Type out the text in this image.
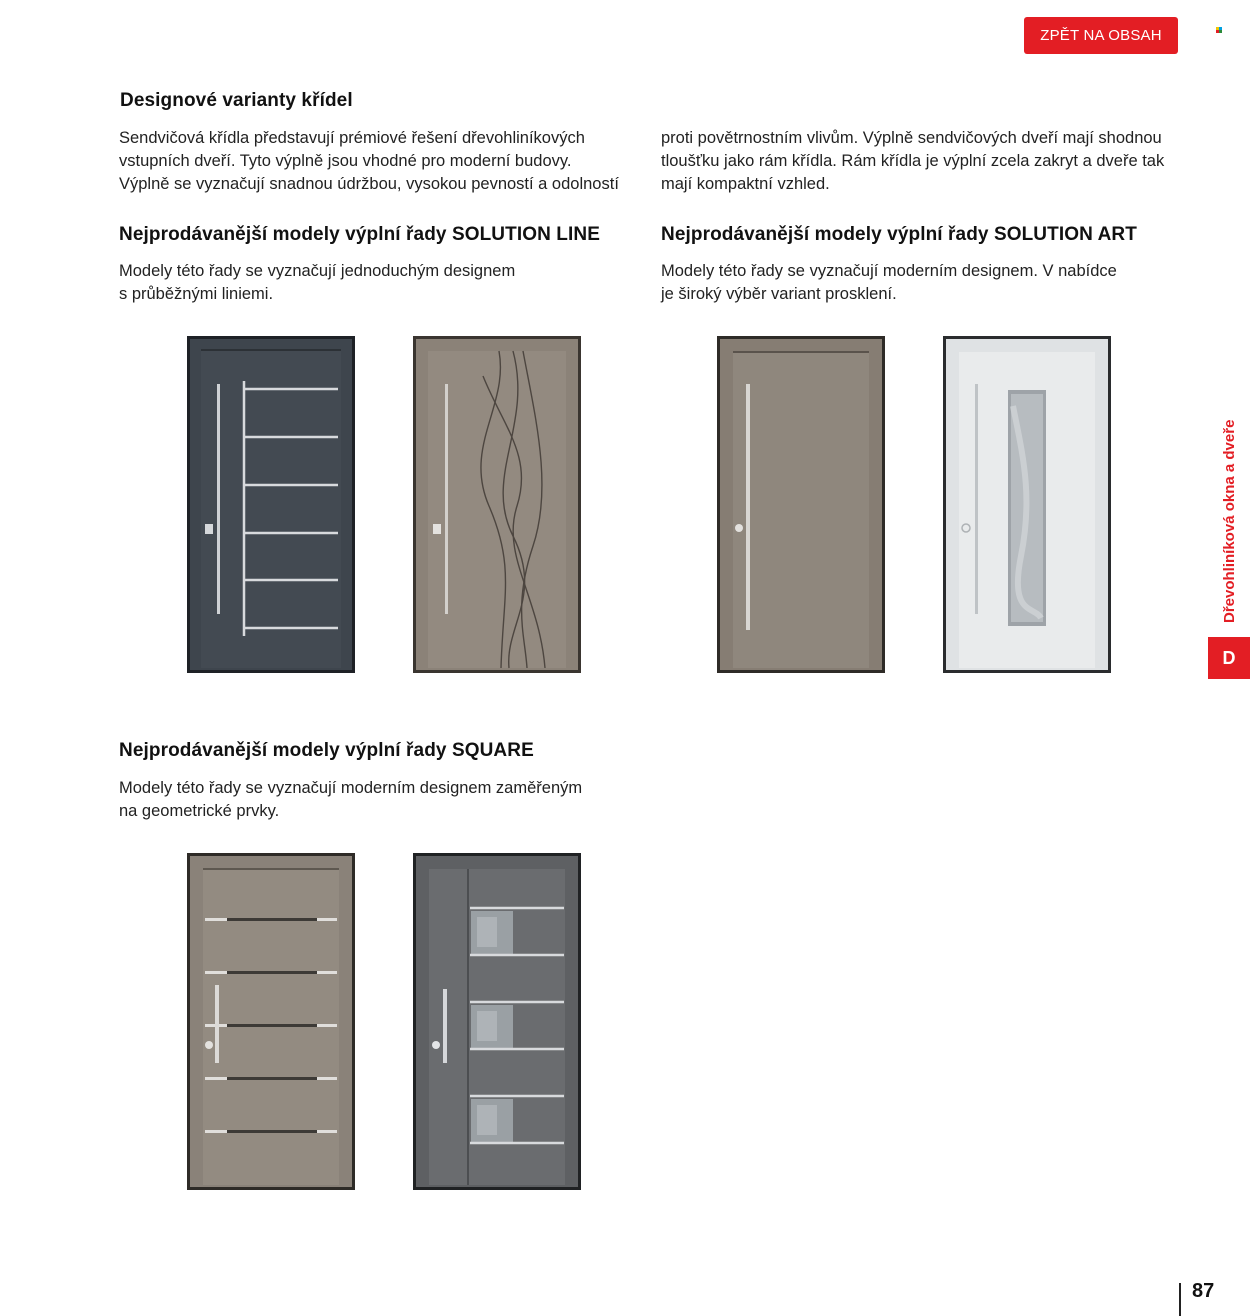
ZPĚT NA OBSAH
Designové varianty křídel

Sendvičová křídla představují prémiové řešení dřevohliníkových
vstupních dveří. Tyto výplně jsou vhodné pro moderní budovy.
Výplně se vyznačují snadnou údržbou, vysokou pevností a odolností

proti povětrnostním vlivům. Výplně sendvičových dveří mají shodnou
tloušťku jako rám křídla. Rám křídla je výplní zcela zakryt a dveře tak
mají kompaktní vzhled.

Nejprodávanější modely výplní řady SOLUTION LINE

Modely této řady se vyznačují jednoduchým designem
s průběžnými liniemi.

Nejprodávanější modely výplní řady SOLUTION ART

Modely této řady se vyznačují moderním designem. V nabídce
je široký výběr variant prosklení.

Nejprodávanější modely výplní řady SQUARE

Modely této řady se vyznačují moderním designem zaměřeným
na geometrické prvky.

Dřevohliníková okna a dveře
D
87
